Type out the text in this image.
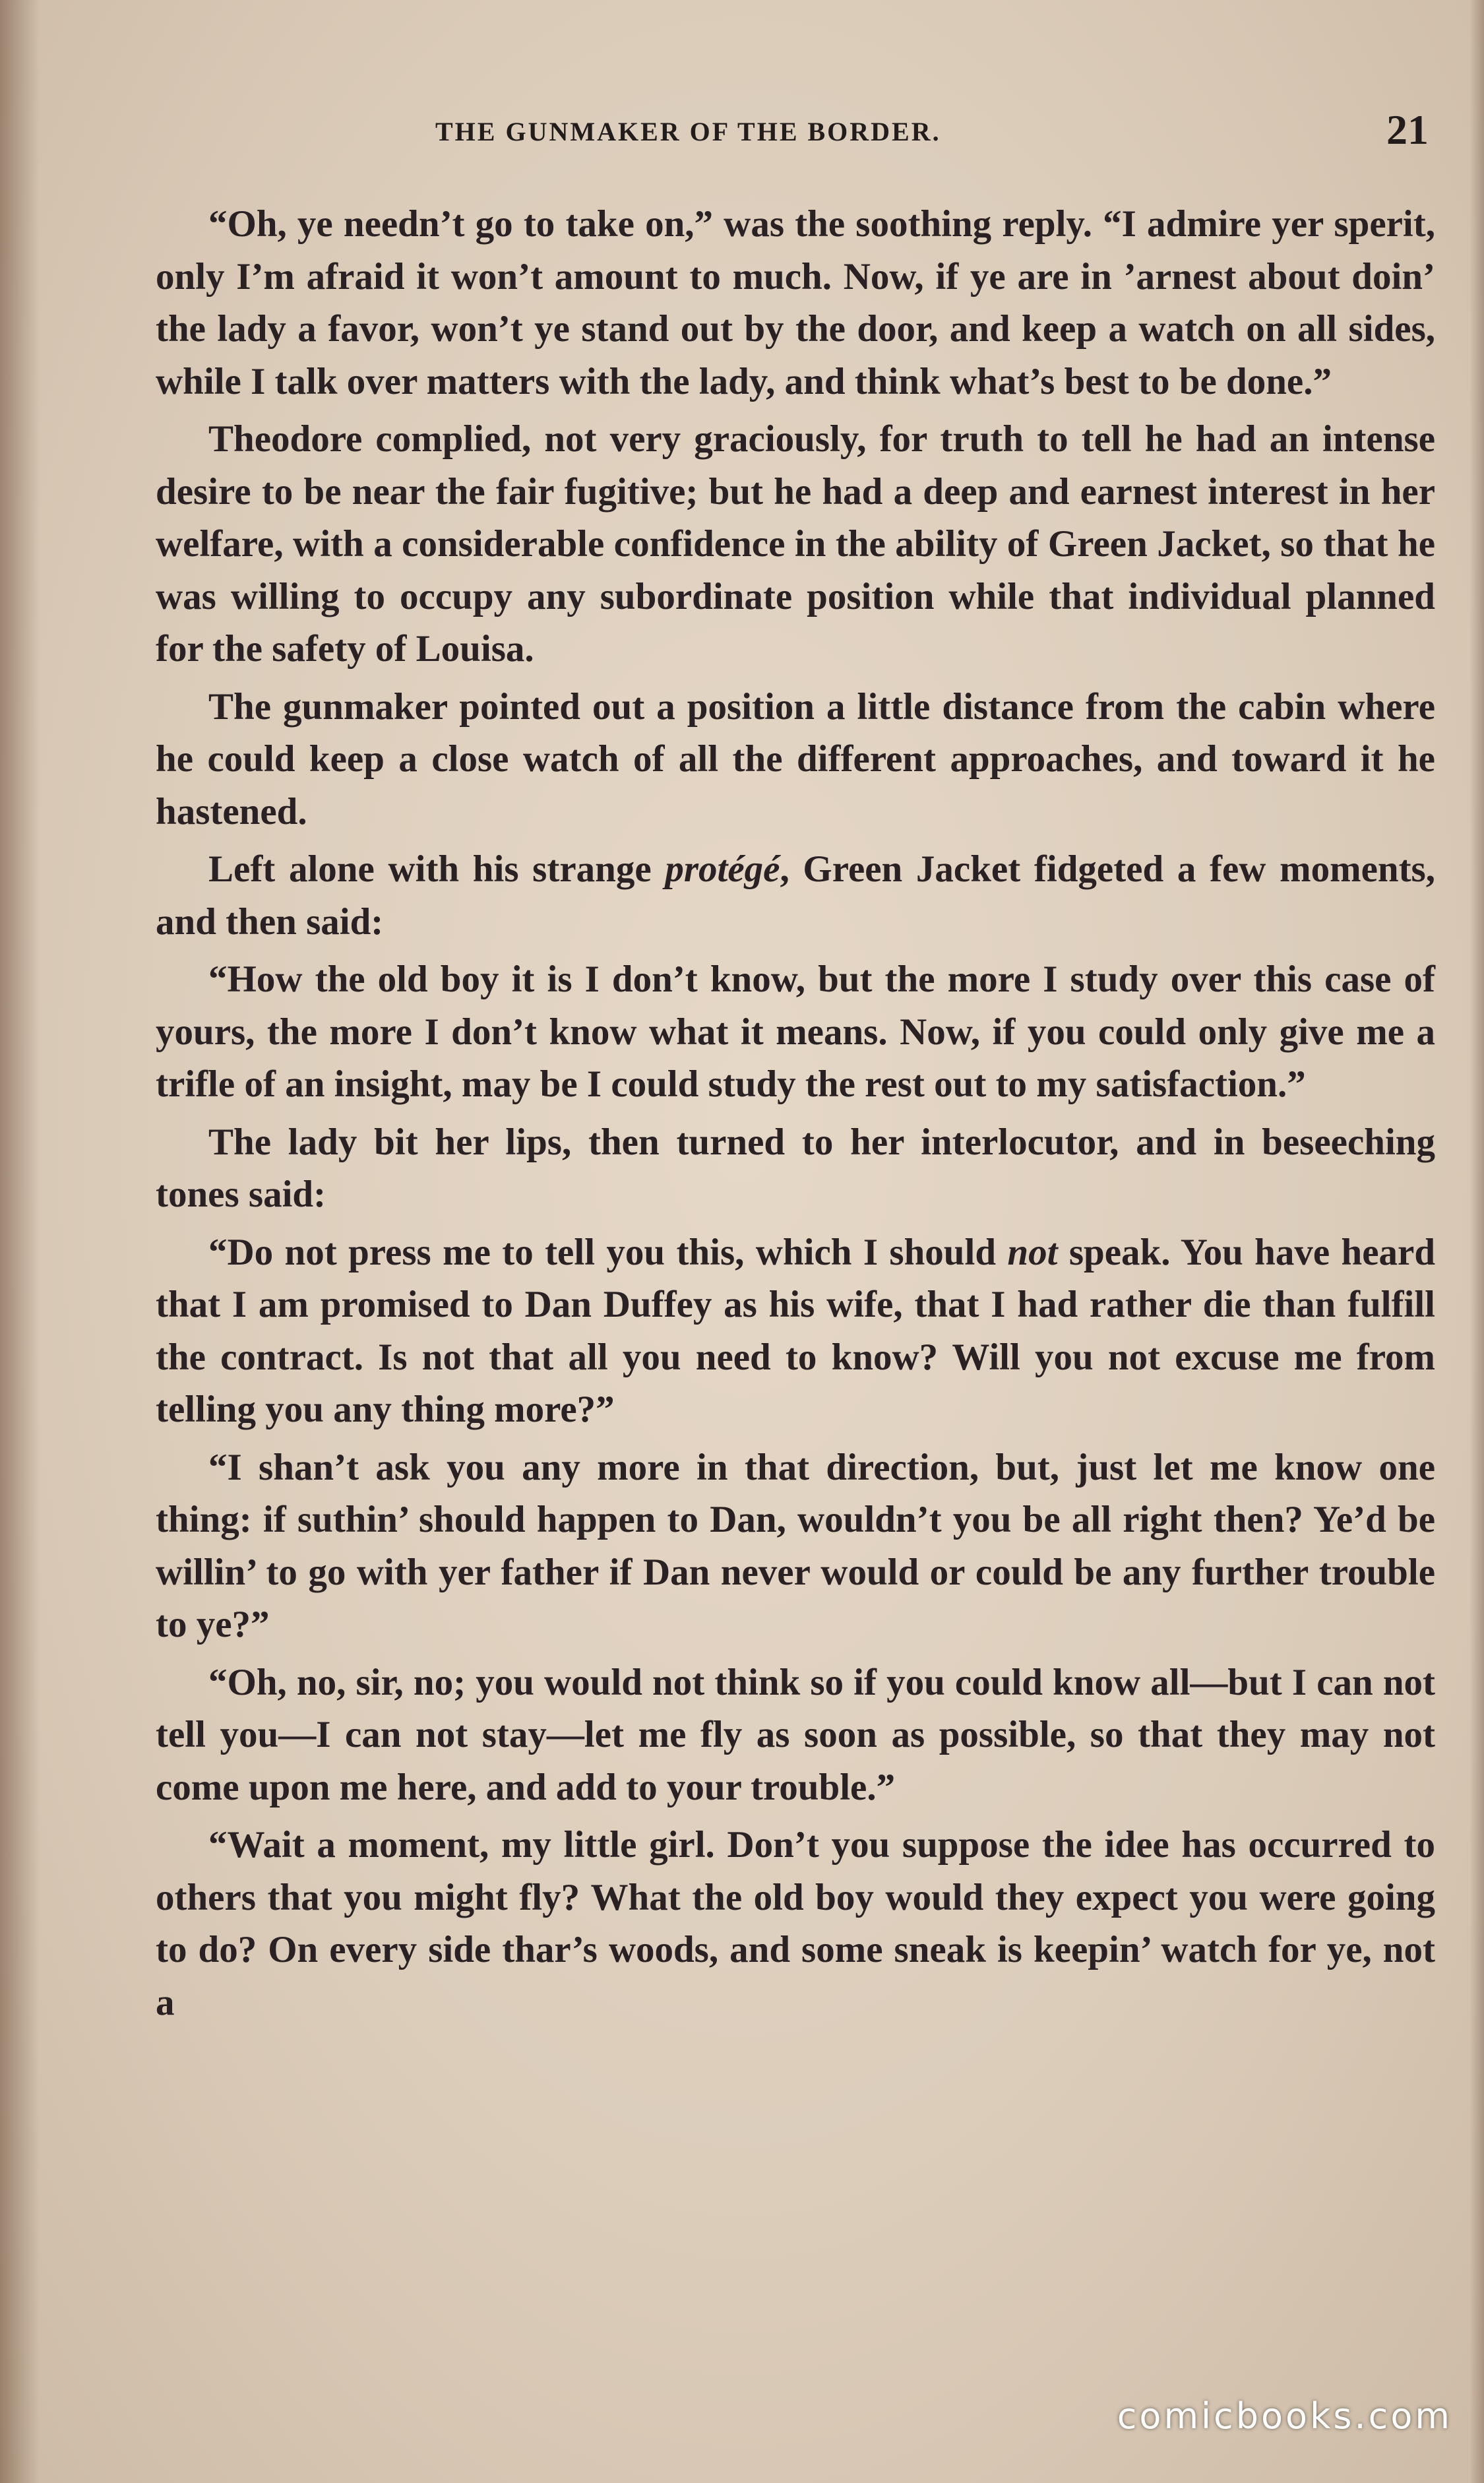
THE GUNMAKER OF THE BORDER.	21

“Oh, ye needn’t go to take on,” was the soothing reply. “I admire yer sperit, only I’m afraid it won’t amount to much. Now, if ye are in ’arnest about doin’ the lady a favor, won’t ye stand out by the door, and keep a watch on all sides, while I talk over matters with the lady, and think what’s best to be done.”

Theodore complied, not very graciously, for truth to tell he had an intense desire to be near the fair fugitive; but he had a deep and earnest interest in her welfare, with a considerable confidence in the ability of Green Jacket, so that he was willing to occupy any subordinate position while that individual planned for the safety of Louisa.

The gunmaker pointed out a position a little distance from the cabin where he could keep a close watch of all the different approaches, and toward it he hastened.

Left alone with his strange protégé, Green Jacket fidgeted a few moments, and then said:

“How the old boy it is I don’t know, but the more I study over this case of yours, the more I don’t know what it means. Now, if you could only give me a trifle of an insight, may be I could study the rest out to my satisfaction.”

The lady bit her lips, then turned to her interlocutor, and in beseeching tones said:

“Do not press me to tell you this, which I should not speak. You have heard that I am promised to Dan Duffey as his wife, that I had rather die than fulfill the contract. Is not that all you need to know? Will you not excuse me from telling you any thing more?”

“I shan’t ask you any more in that direction, but, just let me know one thing: if suthin’ should happen to Dan, wouldn’t you be all right then? Ye’d be willin’ to go with yer father if Dan never would or could be any further trouble to ye?”

“Oh, no, sir, no; you would not think so if you could know all—but I can not tell you—I can not stay—let me fly as soon as possible, so that they may not come upon me here, and add to your trouble.”

“Wait a moment, my little girl. Don’t you suppose the idee has occurred to others that you might fly? What the old boy would they expect you were going to do? On every side thar’s woods, and some sneak is keepin’ watch for ye, not a

comicbooks.com
